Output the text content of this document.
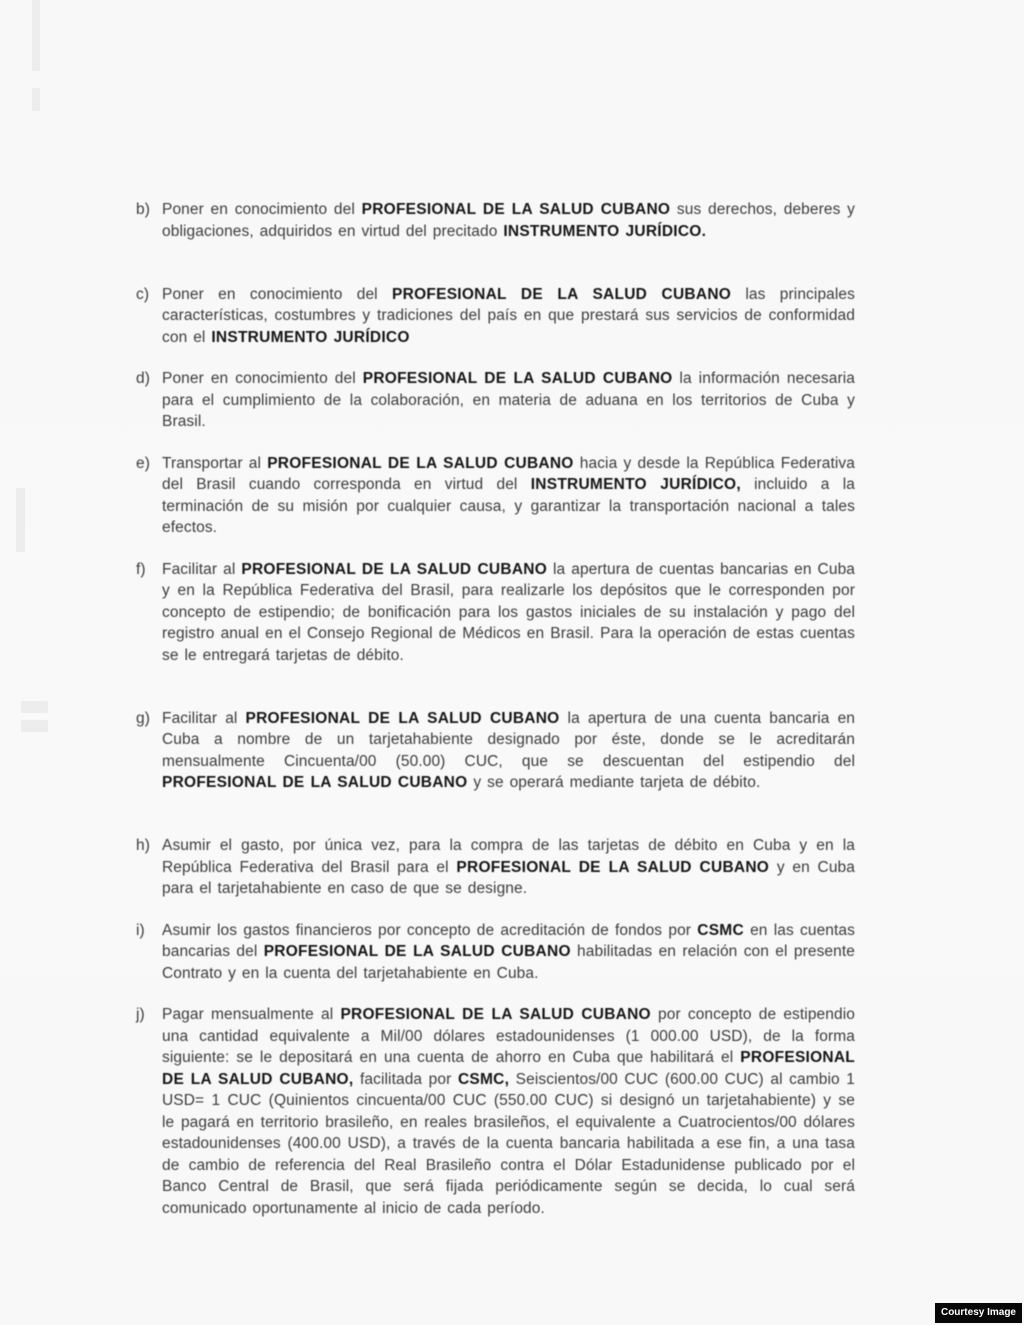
b) Poner en conocimiento del PROFESIONAL DE LA SALUD CUBANO sus derechos, deberes y obligaciones, adquiridos en virtud del precitado INSTRUMENTO JURÍDICO.
c) Poner en conocimiento del PROFESIONAL DE LA SALUD CUBANO las principales características, costumbres y tradiciones del país en que prestará sus servicios de conformidad con el INSTRUMENTO JURÍDICO
d) Poner en conocimiento del PROFESIONAL DE LA SALUD CUBANO la información necesaria para el cumplimiento de la colaboración, en materia de aduana en los territorios de Cuba y Brasil.
e) Transportar al PROFESIONAL DE LA SALUD CUBANO hacia y desde la República Federativa del Brasil cuando corresponda en virtud del INSTRUMENTO JURÍDICO, incluido a la terminación de su misión por cualquier causa, y garantizar la transportación nacional a tales efectos.
f)	Facilitar al PROFESIONAL DE LA SALUD CUBANO la apertura de cuentas bancarias en Cuba y en la República Federativa del Brasil, para realizarle los depósitos que le corresponden por concepto de estipendio; de bonificación para los gastos iniciales de su instalación y pago del registro anual en el Consejo Regional de Médicos en Brasil. Para la operación de estas cuentas se le entregará tarjetas de débito.
g) Facilitar al PROFESIONAL DE LA SALUD CUBANO la apertura de una cuenta bancaria en Cuba a nombre de un tarjetahabiente designado por éste, donde se le acreditarán mensualmente Cincuenta/00 (50.00) CUC, que se descuentan del estipendio del PROFESIONAL DE LA SALUD CUBANO y se operará mediante tarjeta de débito.
h) Asumir el gasto, por única vez, para la compra de las tarjetas de débito en Cuba y en la República Federativa del Brasil para el PROFESIONAL DE LA SALUD CUBANO y en Cuba para el tarjetahabiente en caso de que se designe.
i)	Asumir los gastos financieros por concepto de acreditación de fondos por CSMC en las cuentas bancarias del PROFESIONAL DE LA SALUD CUBANO habilitadas en relación con el presente Contrato y en la cuenta del tarjetahabiente en Cuba.
j)	Pagar mensualmente al PROFESIONAL DE LA SALUD CUBANO por concepto de estipendio una cantidad equivalente a Mil/00 dólares estadounidenses (1 000.00 USD), de la forma siguiente: se le depositará en una cuenta de ahorro en Cuba que habilitará el PROFESIONAL DE LA SALUD CUBANO, facilitada por CSMC, Seiscientos/00 CUC (600.00 CUC) al cambio 1 USD= 1 CUC (Quinientos cincuenta/00 CUC (550.00 CUC) si designó un tarjetahabiente) y se le pagará en territorio brasileño, en reales brasileños, el equivalente a Cuatrocientos/00 dólares estadounidenses (400.00 USD), a través de la cuenta bancaria habilitada a ese fin, a una tasa de cambio de referencia del Real Brasileño contra el Dólar Estadunidense publicado por el Banco Central de Brasil, que será fijada periódicamente según se decida, lo cual será comunicado oportunamente al inicio de cada período.
Courtesy Image
